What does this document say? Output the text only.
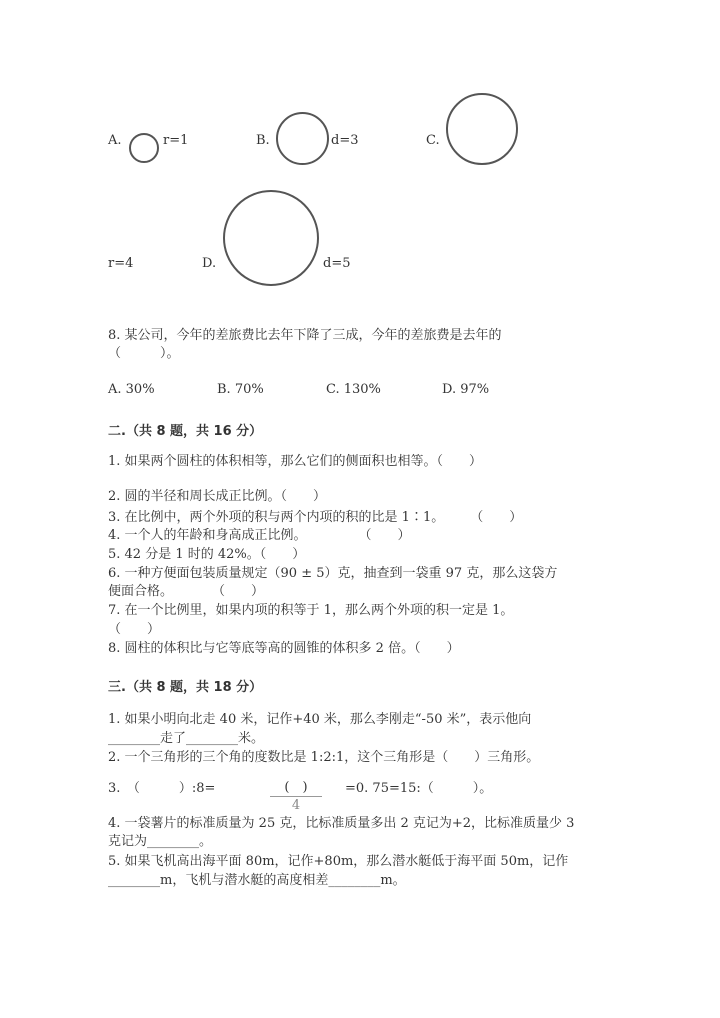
A.	r=1	B.	d=3	C.
r=4	D.	d=5
8. 某公司，今年的差旅费比去年下降了三成，今年的差旅费是去年的
（　　　）。
A. 30%	B. 70%	C. 130%	D. 97%
二.（共 8 题，共 16 分）
1. 如果两个圆柱的体积相等，那么它们的侧面积也相等。（　　）
2. 圆的半径和周长成正比例。（　　）
3. 在比例中，两个外项的积与两个内项的积的比是 1∶1。　　　（　　）
4. 一个人的年龄和身高成正比例。　　　　　（　　）
5. 42 分是 1 时的 42%。（　　）
6. 一种方便面包装质量规定（90 ± 5）克，抽查到一袋重 97 克，那么这袋方
便面合格。　　　　（　　）
7. 在一个比例里，如果内项的积等于 1，那么两个外项的积一定是 1。
（　　）
8. 圆柱的体积比与它等底等高的圆锥的体积多 2 倍。（　　）
三.（共 8 题，共 18 分）
1. 如果小明向北走 40 米，记作+40 米，那么李刚走“-50 米”，表示他向
________走了________米。
2. 一个三角形的三个角的度数比是 1:2:1，这个三角形是（　　）三角形。
3.　（　　　）:8=	(　)
4
=0. 75=15:（　　　）。
4. 一袋薯片的标准质量为 25 克，比标准质量多出 2 克记为+2，比标准质量少 3
克记为________。
5. 如果飞机高出海平面 80m，记作+80m，那么潜水艇低于海平面 50m，记作
________m，飞机与潜水艇的高度相差________m。
